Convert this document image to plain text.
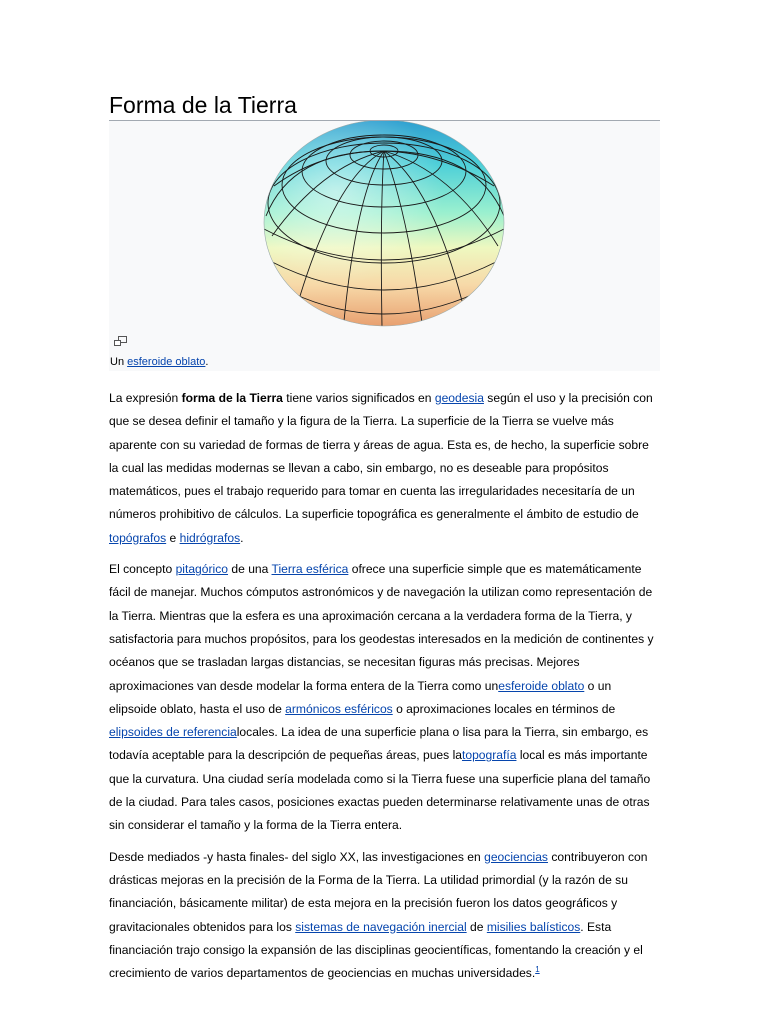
Forma de la Tierra
Un esferoide oblato.

La expresión forma de la Tierra tiene varios significados en geodesia según el uso y la precisión con que se desea definir el tamaño y la figura de la Tierra. La superficie de la Tierra se vuelve más aparente con su variedad de formas de tierra y áreas de agua. Esta es, de hecho, la superficie sobre la cual las medidas modernas se llevan a cabo, sin embargo, no es deseable para propósitos matemáticos, pues el trabajo requerido para tomar en cuenta las irregularidades necesitaría de un números prohibitivo de cálculos. La superficie topográfica es generalmente el ámbito de estudio de topógrafos e hidrógrafos.

El concepto pitagórico de una Tierra esférica ofrece una superficie simple que es matemáticamente fácil de manejar. Muchos cómputos astronómicos y de navegación la utilizan como representación de la Tierra. Mientras que la esfera es una aproximación cercana a la verdadera forma de la Tierra, y satisfactoria para muchos propósitos, para los geodestas interesados en la medición de continentes y océanos que se trasladan largas distancias, se necesitan figuras más precisas. Mejores aproximaciones van desde modelar la forma entera de la Tierra como unesferoide oblato o un elipsoide oblato, hasta el uso de armónicos esféricos o aproximaciones locales en términos de elipsoides de referencialocales. La idea de una superficie plana o lisa para la Tierra, sin embargo, es todavía aceptable para la descripción de pequeñas áreas, pues latopografía local es más importante que la curvatura. Una ciudad sería modelada como si la Tierra fuese una superficie plana del tamaño de la ciudad. Para tales casos, posiciones exactas pueden determinarse relativamente unas de otras sin considerar el tamaño y la forma de la Tierra entera.

Desde mediados -y hasta finales- del siglo XX, las investigaciones en geociencias contribuyeron con drásticas mejoras en la precisión de la Forma de la Tierra. La utilidad primordial (y la razón de su financiación, básicamente militar) de esta mejora en la precisión fueron los datos geográficos y gravitacionales obtenidos para los sistemas de navegación inercial de misilies balísticos. Esta financiación trajo consigo la expansión de las disciplinas geocientíficas, fomentando la creación y el crecimiento de varios departamentos de geociencias en muchas universidades.$^1$
